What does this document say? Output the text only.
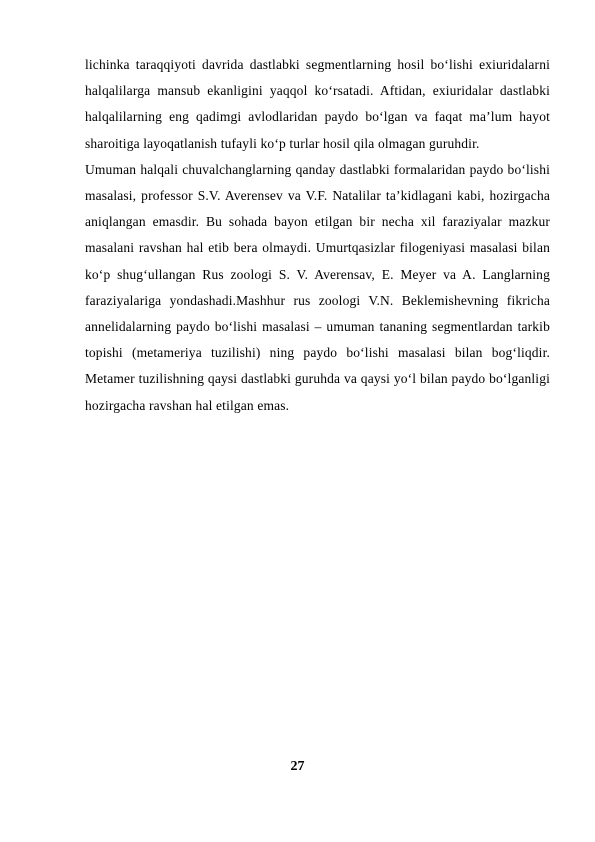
lichinka taraqqiyoti davrida dastlabki segmentlarning hosil bo‘lishi exiuridalarni halqalilarga mansub ekanligini yaqqol ko‘rsatadi. Aftidan, exiuridalar dastlabki halqalilarning eng qadimgi avlodlaridan paydo bo‘lgan va faqat ma’lum hayot sharoitiga layoqatlanish tufayli ko‘p turlar hosil qila olmagan guruhdir.

Umuman halqali chuvalchanglarning qanday dastlabki formalaridan paydo bo‘lishi masalasi, professor S.V. Averensev va V.F. Natalilar ta’kidlagani kabi, hozirgacha aniqlangan emasdir. Bu sohada bayon etilgan bir necha xil faraziyalar mazkur masalani ravshan hal etib bera olmaydi. Umurtqasizlar filogeniyasi masalasi bilan ko‘p shug‘ullangan Rus zoologi S. V. Averensav, E. Meyer va A. Langlarning faraziyalariga yondashadi.Mashhur rus zoologi V.N. Beklemishevning fikricha annelidalarning paydo bo‘lishi masalasi – umuman tananing segmentlardan tarkib topishi (metameriya tuzilishi) ning paydo bo‘lishi masalasi bilan bog‘liqdir. Metamer tuzilishning qaysi dastlabki guruhda va qaysi yo‘l bilan paydo bo‘lganligi hozirgacha ravshan hal etilgan emas.

27
